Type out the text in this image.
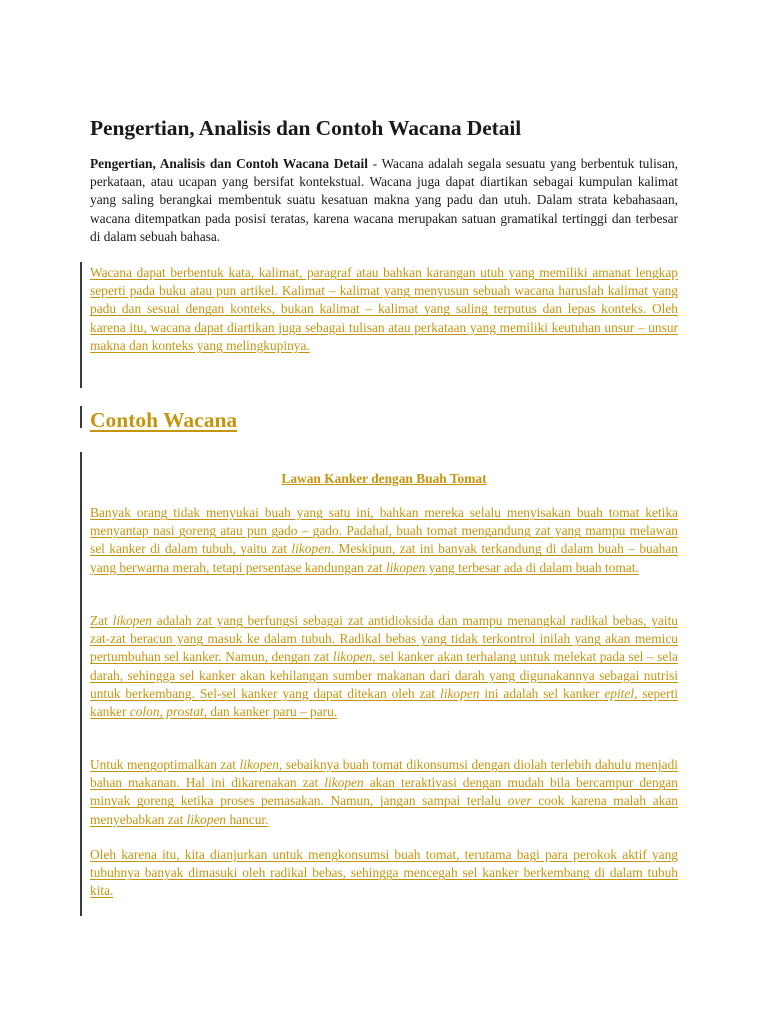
Pengertian, Analisis dan Contoh Wacana Detail

Pengertian, Analisis dan Contoh Wacana Detail - Wacana adalah segala sesuatu yang berbentuk tulisan, perkataan, atau ucapan yang bersifat kontekstual. Wacana juga dapat diartikan sebagai kumpulan kalimat yang saling berangkai membentuk suatu kesatuan makna yang padu dan utuh. Dalam strata kebahasaan, wacana ditempatkan pada posisi teratas, karena wacana merupakan satuan gramatikal tertinggi dan terbesar di dalam sebuah bahasa.

Wacana dapat berbentuk kata, kalimat, paragraf atau bahkan karangan utuh yang memiliki amanat lengkap seperti pada buku atau pun artikel. Kalimat – kalimat yang menyusun sebuah wacana haruslah kalimat yang padu dan sesuai dengan konteks, bukan kalimat – kalimat yang saling terputus dan lepas konteks. Oleh karena itu, wacana dapat diartikan juga sebagai tulisan atau perkataan yang memiliki keutuhan unsur – unsur makna dan konteks yang melingkupinya.

Contoh Wacana
Lawan Kanker dengan Buah Tomat

Banyak orang tidak menyukai buah yang satu ini, bahkan mereka selalu menyisakan buah tomat ketika menyantap nasi goreng atau pun gado – gado. Padahal, buah tomat mengandung zat yang mampu melawan sel kanker di dalam tubuh, yaitu zat likopen. Meskipun, zat ini banyak terkandung di dalam buah – buahan yang berwarna merah, tetapi persentase kandungan zat likopen yang terbesar ada di dalam buah tomat.

Zat likopen adalah zat yang berfungsi sebagai zat antidioksida dan mampu menangkal radikal bebas, yaitu zat-zat beracun yang masuk ke dalam tubuh. Radikal bebas yang tidak terkontrol inilah yang akan memicu pertumbuhan sel kanker. Namun, dengan zat likopen, sel kanker akan terhalang untuk melekat pada sel – sela darah, sehingga sel kanker akan kehilangan sumber makanan dari darah yang digunakannya sebagai nutrisi untuk berkembang. Sel-sel kanker yang dapat ditekan oleh zat likopen ini adalah sel kanker epitel, seperti kanker colon, prostat, dan kanker paru – paru.

Untuk mengoptimalkan zat likopen, sebaiknya buah tomat dikonsumsi dengan diolah terlebih dahulu menjadi bahan makanan. Hal ini dikarenakan zat likopen akan teraktivasi dengan mudah bila bercampur dengan minyak goreng ketika proses pemasakan. Namun, jangan sampai terlalu over cook karena malah akan menyebabkan zat likopen hancur.

Oleh karena itu, kita dianjurkan untuk mengkonsumsi buah tomat, terutama bagi para perokok aktif yang tubuhnya banyak dimasuki oleh radikal bebas, sehingga mencegah sel kanker berkembang di dalam tubuh kita.
